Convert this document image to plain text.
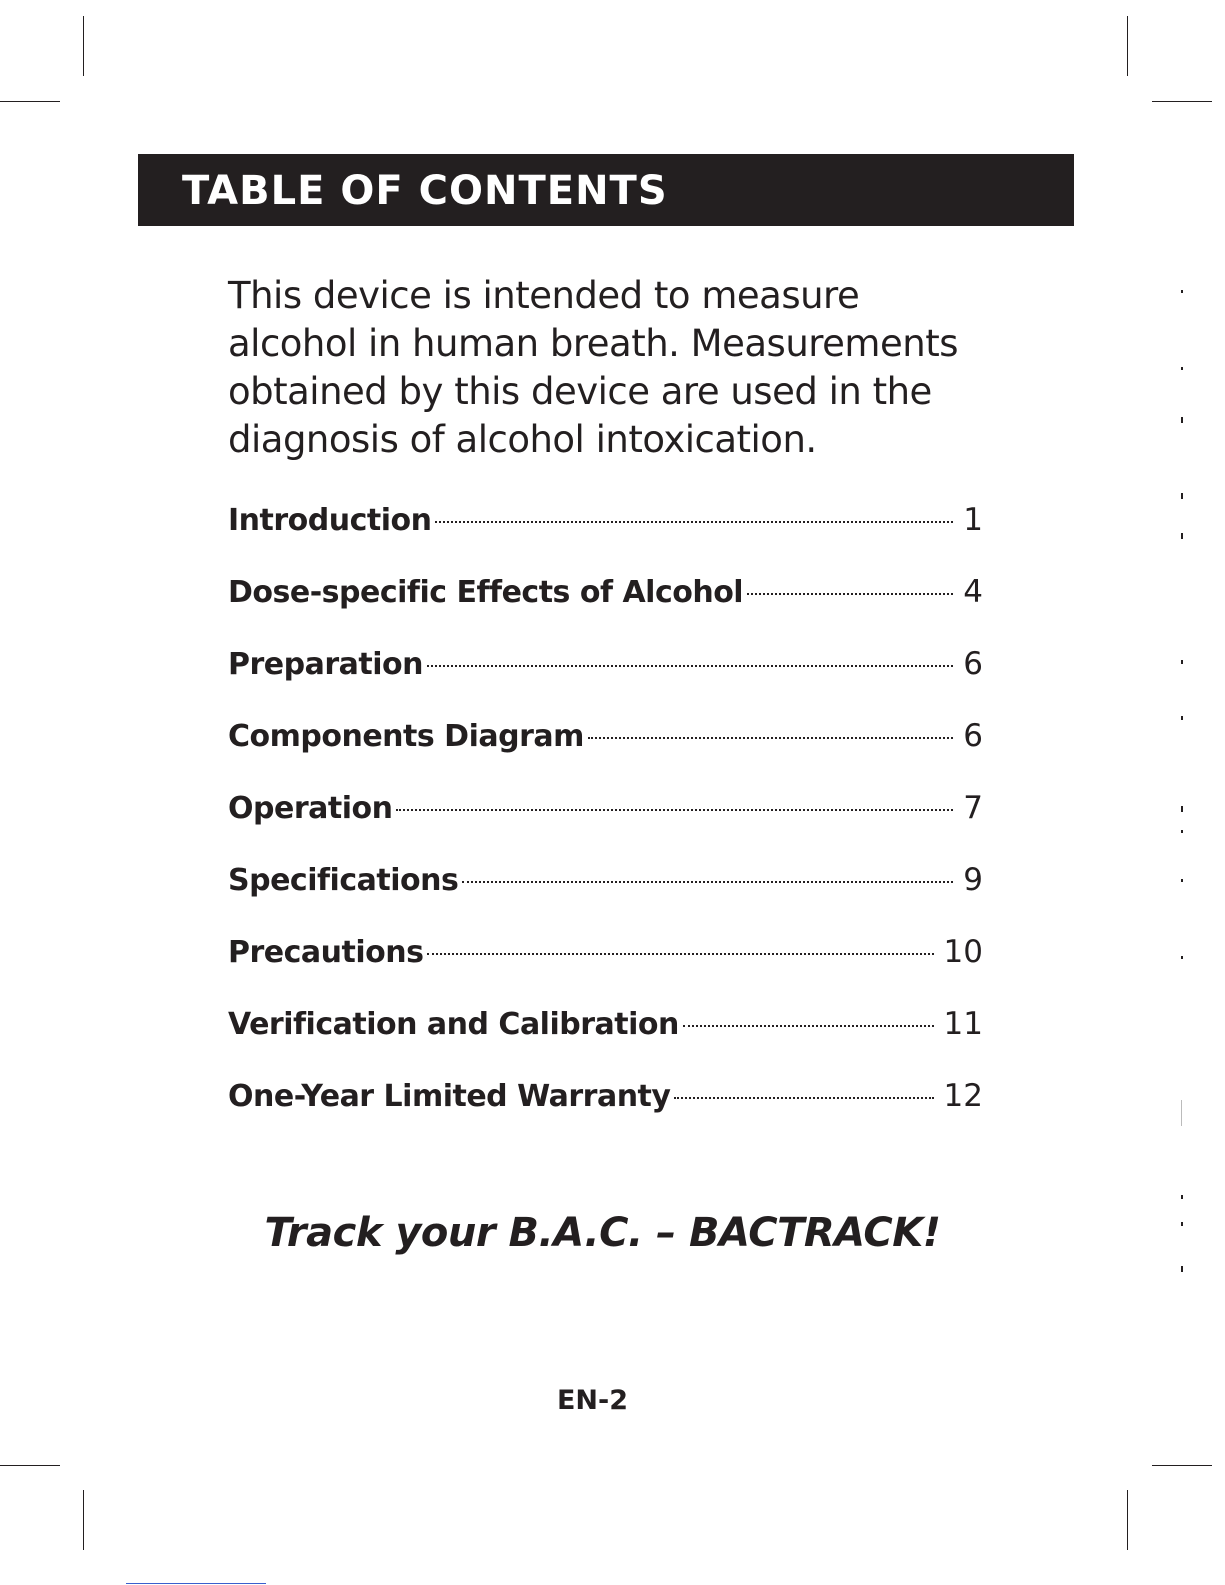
TABLE OF CONTENTS

This device is intended to measure alcohol in human breath. Measurements obtained by this device are used in the diagnosis of alcohol intoxication.

Introduction	1
Dose-specific Effects of Alcohol	4
Preparation	6
Components Diagram	6
Operation	7
Specifications	9
Precautions	10
Verification and Calibration	11
One-Year Limited Warranty	12
Track your B.A.C. – BACTRACK!
EN-2
